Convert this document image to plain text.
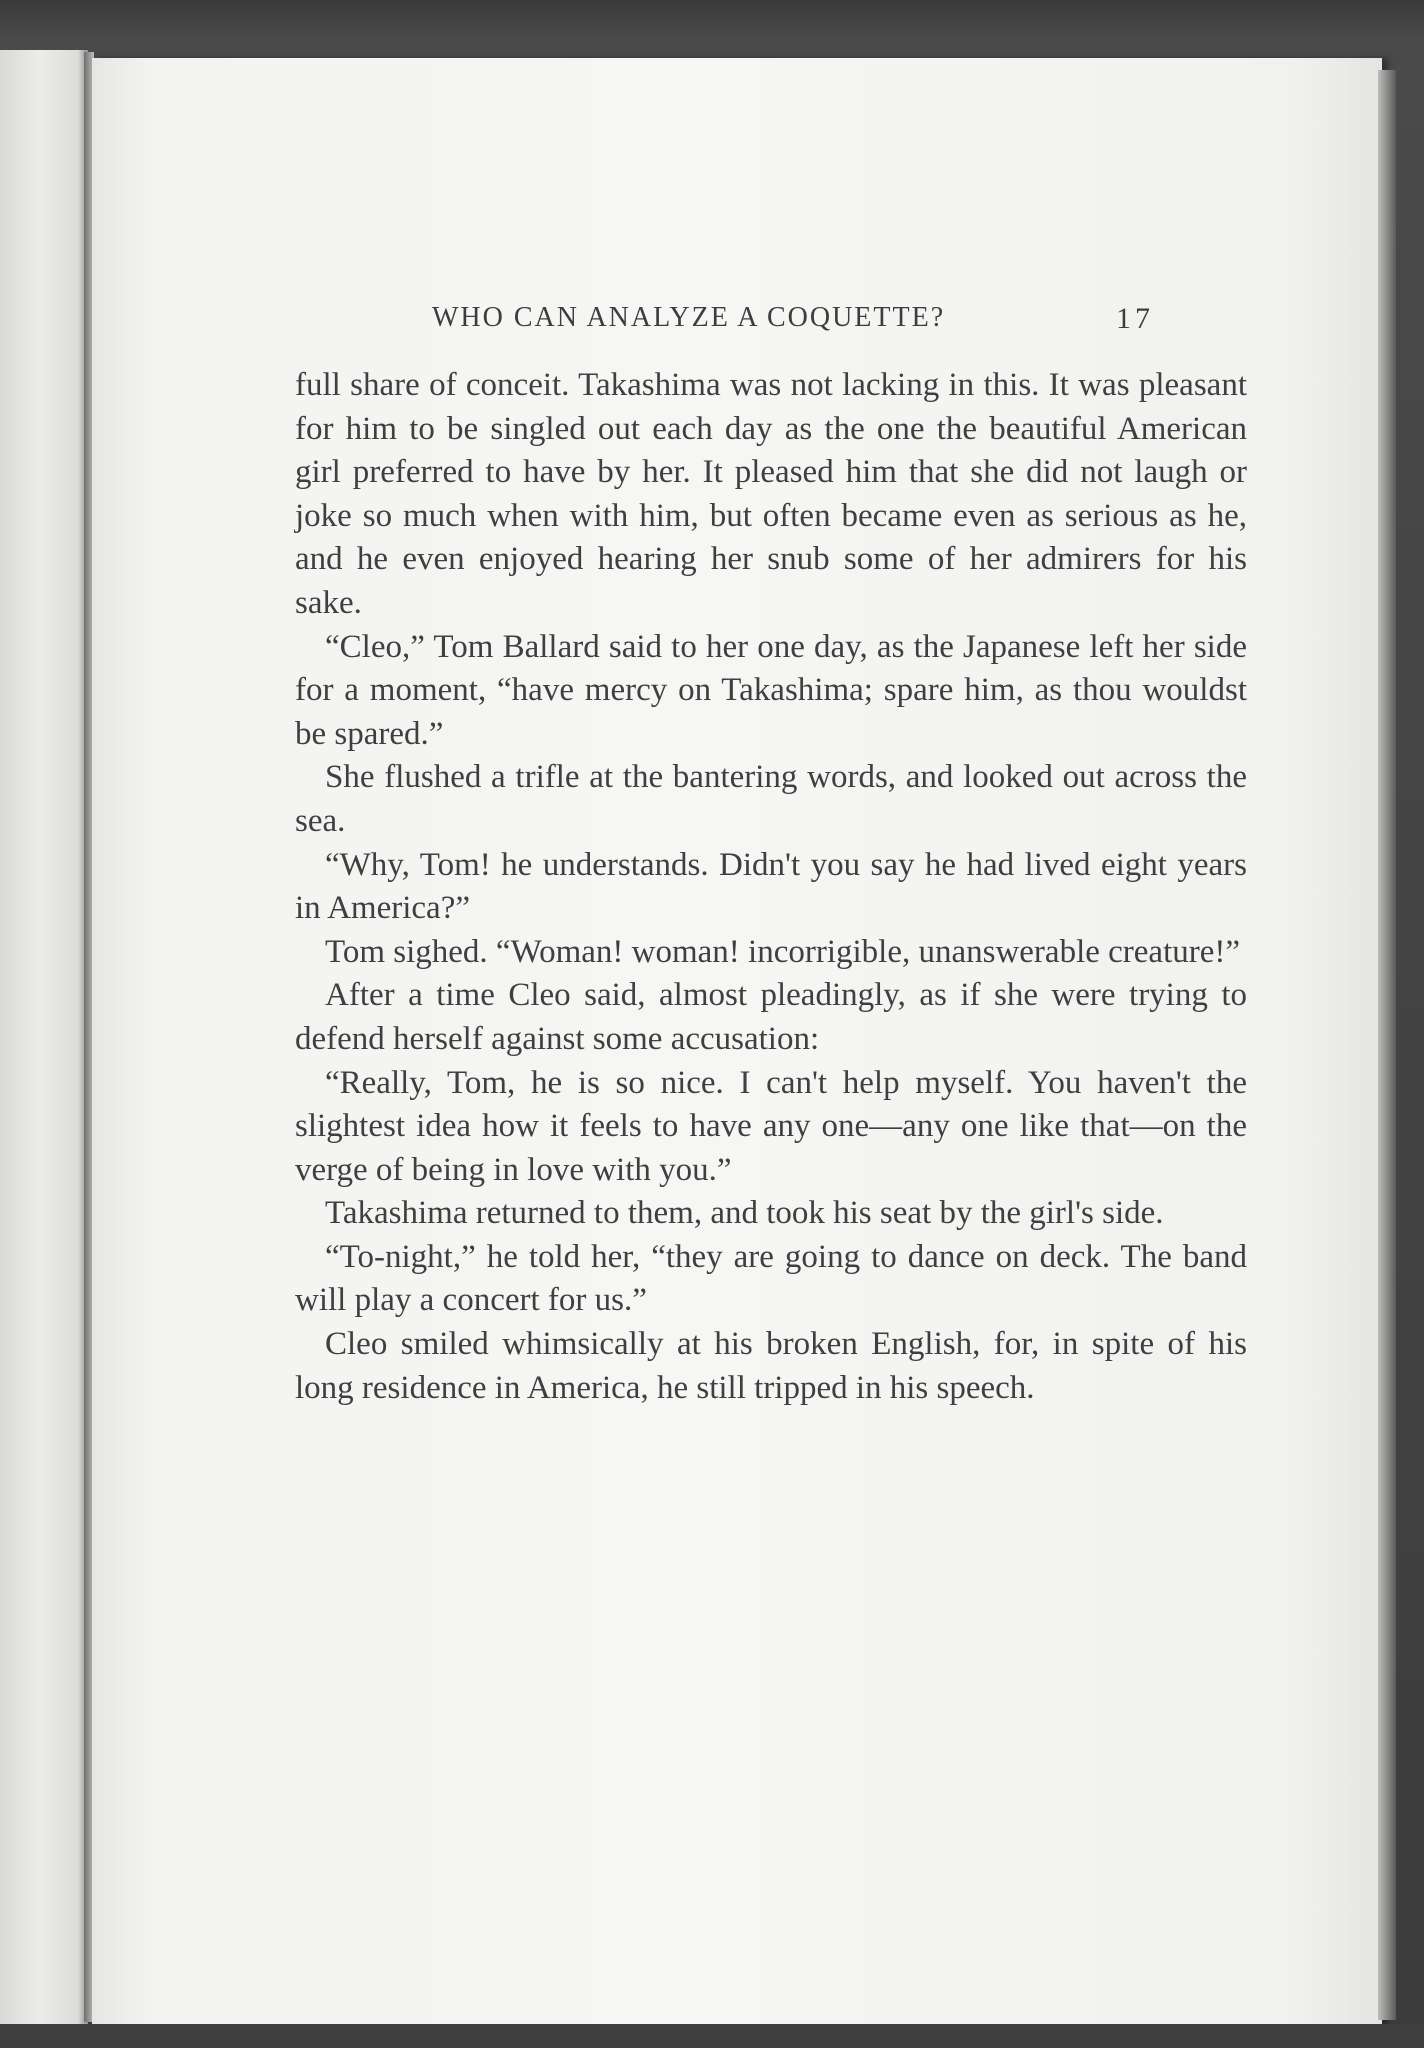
WHO CAN ANALYZE A COQUETTE?	17

full share of conceit. Takashima was not lacking in this. It was pleasant for him to be singled out each day as the one the beautiful American girl preferred to have by her. It pleased him that she did not laugh or joke so much when with him, but often became even as serious as he, and he even enjoyed hearing her snub some of her admirers for his sake.

“Cleo,” Tom Ballard said to her one day, as the Japanese left her side for a moment, “have mercy on Takashima; spare him, as thou wouldst be spared.”

She flushed a trifle at the bantering words, and looked out across the sea.

“Why, Tom! he understands. Didn't you say he had lived eight years in America?”

Tom sighed. “Woman! woman! incorrigible, unanswerable creature!”

After a time Cleo said, almost pleadingly, as if she were trying to defend herself against some accusation:

“Really, Tom, he is so nice. I can't help myself. You haven't the slightest idea how it feels to have any one—any one like that—on the verge of being in love with you.”

Takashima returned to them, and took his seat by the girl's side.

“To-night,” he told her, “they are going to dance on deck. The band will play a concert for us.”

Cleo smiled whimsically at his broken English, for, in spite of his long residence in America, he still tripped in his speech.
